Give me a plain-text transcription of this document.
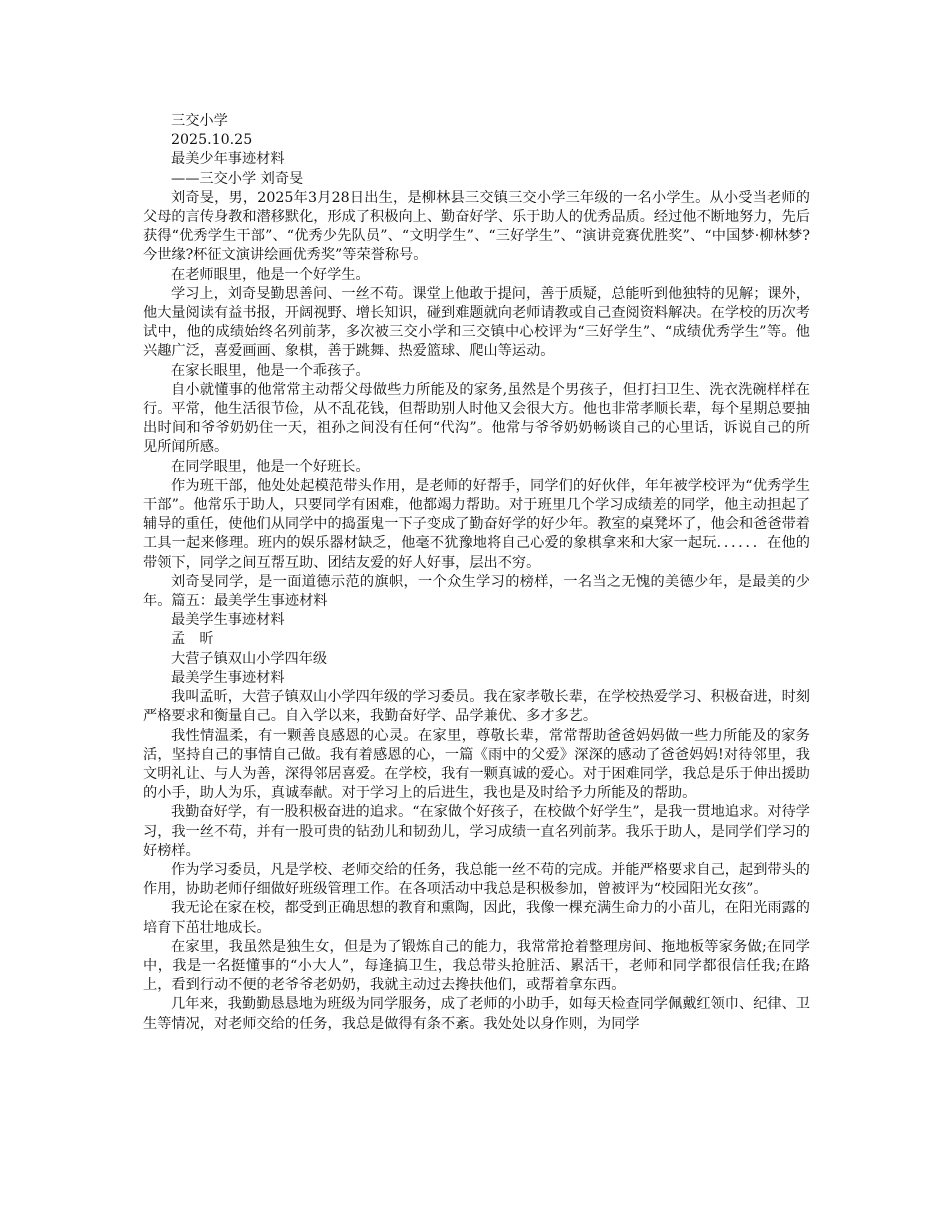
三交小学

2025.10.25

最美少年事迹材料

——三交小学 刘奇旻

刘奇旻，男，2025年3月28日出生，是柳林县三交镇三交小学三年级的一名小学生。从小受当老师的父母的言传身教和潜移默化，形成了积极向上、勤奋好学、乐于助人的优秀品质。经过他不断地努力，先后获得“优秀学生干部”、“优秀少先队员”、“文明学生”、“三好学生”、“演讲竞赛优胜奖”、“中国梦·柳林梦?今世缘?杯征文演讲绘画优秀奖”等荣誉称号。

在老师眼里，他是一个好学生。

学习上，刘奇旻勤思善问、一丝不苟。课堂上他敢于提问，善于质疑，总能听到他独特的见解；课外，他大量阅读有益书报，开阔视野、增长知识，碰到难题就向老师请教或自己查阅资料解决。在学校的历次考试中，他的成绩始终名列前茅，多次被三交小学和三交镇中心校评为“三好学生”、“成绩优秀学生”等。他兴趣广泛，喜爱画画、象棋，善于跳舞、热爱篮球、爬山等运动。

在家长眼里，他是一个乖孩子。

自小就懂事的他常常主动帮父母做些力所能及的家务,虽然是个男孩子，但打扫卫生、洗衣洗碗样样在行。平常，他生活很节俭，从不乱花钱，但帮助别人时他又会很大方。他也非常孝顺长辈，每个星期总要抽出时间和爷爷奶奶住一天，祖孙之间没有任何“代沟”。他常与爷爷奶奶畅谈自己的心里话，诉说自己的所见所闻所感。

在同学眼里，他是一个好班长。

作为班干部，他处处起模范带头作用，是老师的好帮手，同学们的好伙伴，年年被学校评为“优秀学生干部”。他常乐于助人，只要同学有困难，他都竭力帮助。对于班里几个学习成绩差的同学，他主动担起了辅导的重任，使他们从同学中的捣蛋鬼一下子变成了勤奋好学的好少年。教室的桌凳坏了，他会和爸爸带着工具一起来修理。班内的娱乐器材缺乏，他毫不犹豫地将自己心爱的象棋拿来和大家一起玩．．．．．．在他的带领下，同学之间互帮互助、团结友爱的好人好事，层出不穷。

刘奇旻同学，是一面道德示范的旗帜，一个众生学习的榜样，一名当之无愧的美德少年，是最美的少年。篇五：最美学生事迹材料

最美学生事迹材料

孟　昕

大营子镇双山小学四年级

最美学生事迹材料

我叫孟昕，大营子镇双山小学四年级的学习委员。我在家孝敬长辈，在学校热爱学习、积极奋进，时刻严格要求和衡量自己。自入学以来，我勤奋好学、品学兼优、多才多艺。

我性情温柔，有一颗善良感恩的心灵。在家里，尊敬长辈，常常帮助爸爸妈妈做一些力所能及的家务活，坚持自己的事情自己做。我有着感恩的心，一篇《雨中的父爱》深深的感动了爸爸妈妈!对待邻里，我文明礼让、与人为善，深得邻居喜爱。在学校，我有一颗真诚的爱心。对于困难同学，我总是乐于伸出援助的小手，助人为乐，真诚奉献。对于学习上的后进生，我也是及时给予力所能及的帮助。

我勤奋好学，有一股积极奋进的追求。“在家做个好孩子，在校做个好学生”，是我一贯地追求。对待学习，我一丝不苟，并有一股可贵的钻劲儿和韧劲儿，学习成绩一直名列前茅。我乐于助人，是同学们学习的好榜样。

作为学习委员，凡是学校、老师交给的任务，我总能一丝不苟的完成。并能严格要求自己，起到带头的作用，协助老师仔细做好班级管理工作。在各项活动中我总是积极参加，曾被评为“校园阳光女孩”。

我无论在家在校，都受到正确思想的教育和熏陶，因此，我像一棵充满生命力的小苗儿，在阳光雨露的培育下茁壮地成长。

在家里，我虽然是独生女，但是为了锻炼自己的能力，我常常抢着整理房间、拖地板等家务做;在同学中，我是一名挺懂事的“小大人”，每逢搞卫生，我总带头抢脏活、累活干，老师和同学都很信任我;在路上，看到行动不便的老爷爷老奶奶，我就主动过去搀扶他们，或帮着拿东西。

几年来，我勤勤恳恳地为班级为同学服务，成了老师的小助手，如每天检查同学佩戴红领巾、纪律、卫生等情况，对老师交给的任务，我总是做得有条不紊。我处处以身作则，为同学
